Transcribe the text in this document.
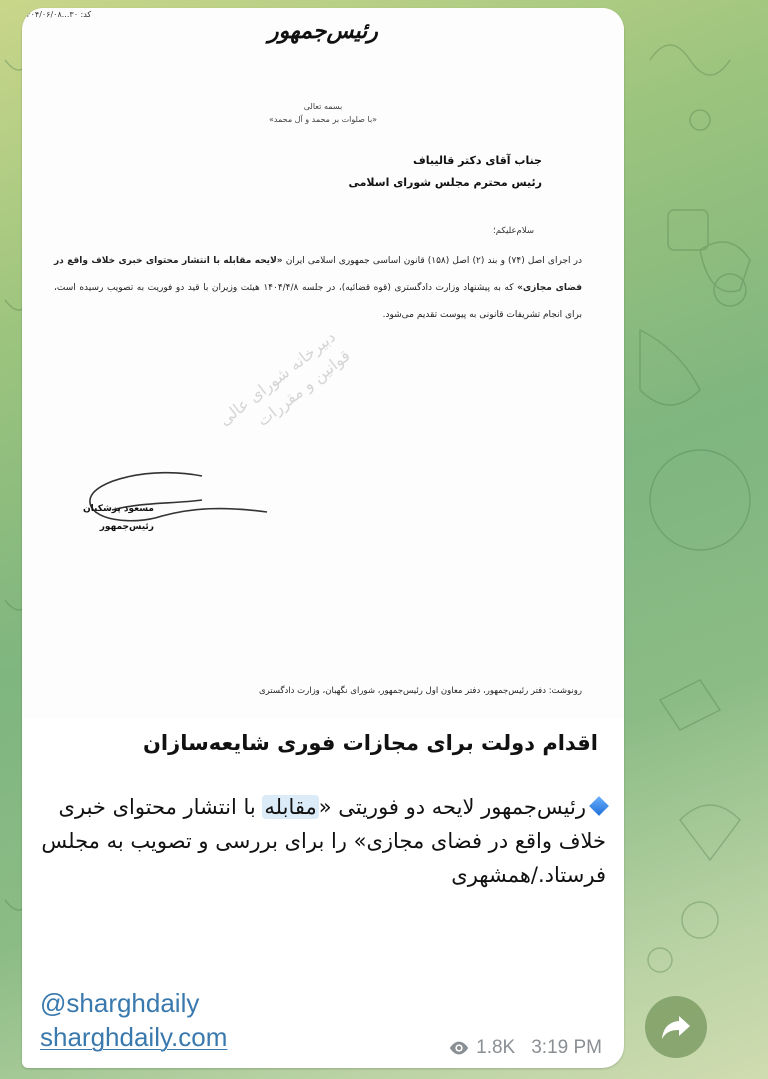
۱۴۰۴/۰۶/۰۸...۳۰ :کد
رئیس‌جمهور
بسمه تعالی
«با صلوات بر محمد و آل محمد»
جناب آقای دکتر قالیباف
رئیس محترم مجلس شورای اسلامی
سلام‌علیکم؛
در اجرای اصل (۷۴) و بند (۲) اصل (۱۵۸) قانون اساسی جمهوری اسلامی ایران «لایحه مقابله با انتشار محتوای خبری خلاف واقع در فضای مجازی» که به پیشنهاد وزارت دادگستری (قوه قضائیه)، در جلسه ۱۴۰۴/۴/۸ هیئت وزیران با قید دو فوریت به تصویب رسیده است، برای انجام تشریفات قانونی به پیوست تقدیم می‌شود.
دبیرخانه شورای عالی قوانین و مقررات
مسعود پزشکیان
رئیس‌جمهور
رونوشت: دفتر رئیس‌جمهور، دفتر معاون اول رئیس‌جمهور، شورای نگهبان، وزارت دادگستری
اقدام دولت برای مجازات فوری شایعه‌سازان
رئیس‌جمهور لایحه دو فوریتی «مقابله با انتشار محتوای خبری خلاف واقع در فضای مجازی» را برای بررسی و تصویب به مجلس فرستاد./همشهری
@sharghdaily
sharghdaily.com	1.8K 3:19 PM
